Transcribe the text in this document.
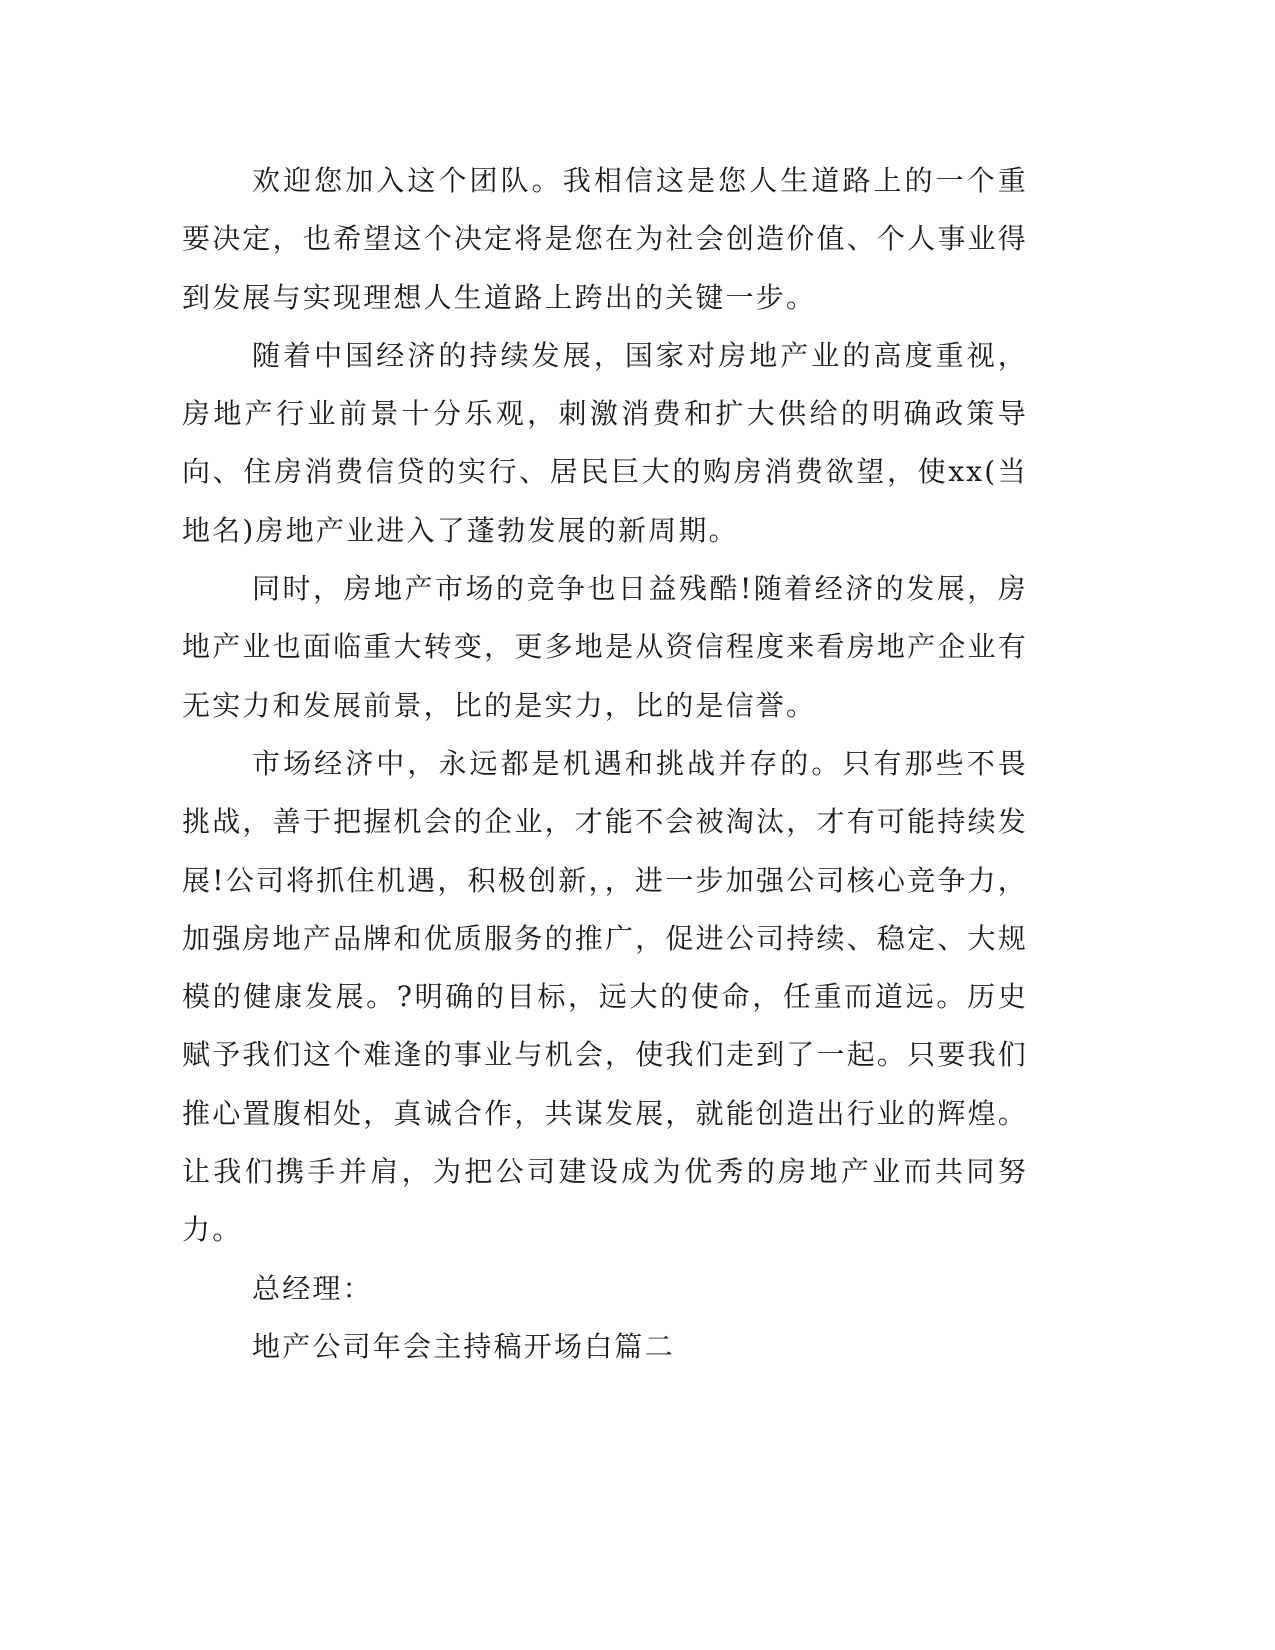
欢迎您加入这个团队。我相信这是您人生道路上的一个重要决定，也希望这个决定将是您在为社会创造价值、个人事业得到发展与实现理想人生道路上跨出的关键一步。

随着中国经济的持续发展，国家对房地产业的高度重视，房地产行业前景十分乐观，刺激消费和扩大供给的明确政策导向、住房消费信贷的实行、居民巨大的购房消费欲望，使xx(当地名)房地产业进入了蓬勃发展的新周期。

同时，房地产市场的竞争也日益残酷!随着经济的发展，房地产业也面临重大转变，更多地是从资信程度来看房地产企业有无实力和发展前景，比的是实力，比的是信誉。

市场经济中，永远都是机遇和挑战并存的。只有那些不畏挑战，善于把握机会的企业，才能不会被淘汰，才有可能持续发展!公司将抓住机遇，积极创新，，进一步加强公司核心竞争力，加强房地产品牌和优质服务的推广，促进公司持续、稳定、大规模的健康发展。?明确的目标，远大的使命，任重而道远。历史赋予我们这个难逢的事业与机会，使我们走到了一起。只要我们推心置腹相处，真诚合作，共谋发展，就能创造出行业的辉煌。让我们携手并肩，为把公司建设成为优秀的房地产业而共同努力。

总经理：

地产公司年会主持稿开场白篇二
